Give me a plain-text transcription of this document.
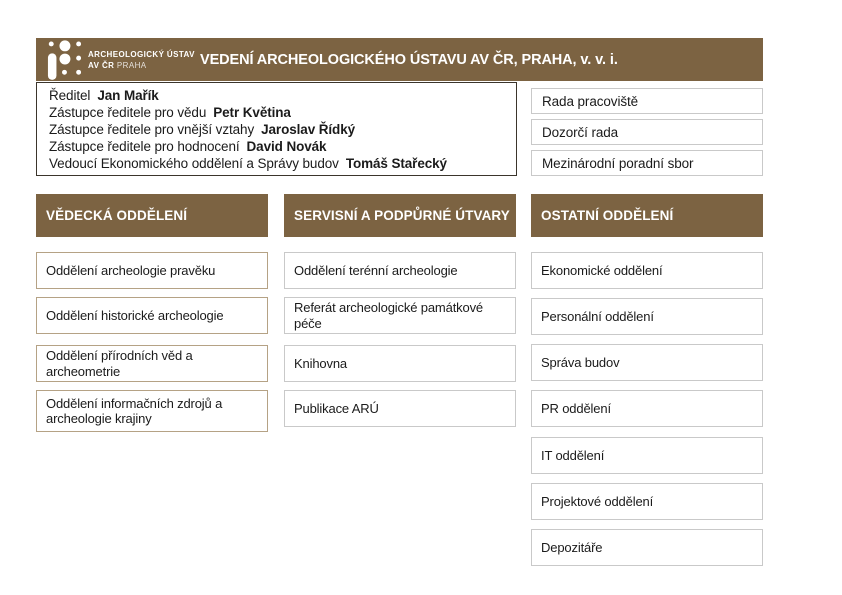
ARCHEOLOGICKÝ ÚSTAV
AV ČR PRAHA	VEDENÍ ARCHEOLOGICKÉHO ÚSTAVU AV ČR, PRAHA, v. v. i.
Ředitel Jan Mařík
Zástupce ředitele pro vědu Petr Květina
Zástupce ředitele pro vnější vztahy Jaroslav Řídký
Zástupce ředitele pro hodnocení David Novák
Vedoucí Ekonomického oddělení a Správy budov Tomáš Stařecký
Rada pracoviště
Dozorčí rada
Mezinárodní poradní sbor
VĚDECKÁ ODDĚLENÍ	SERVISNÍ A PODPŮRNÉ ÚTVARY	OSTATNÍ ODDĚLENÍ
Oddělení archeologie pravěku
Oddělení historické archeologie
Oddělení přírodních věd a archeometrie
Oddělení informačních zdrojů a archeologie krajiny
Oddělení terénní archeologie
Referát archeologické památkové péče
Knihovna
Publikace ARÚ
Ekonomické oddělení
Personální oddělení
Správa budov
PR oddělení
IT oddělení
Projektové oddělení
Depozitáře
